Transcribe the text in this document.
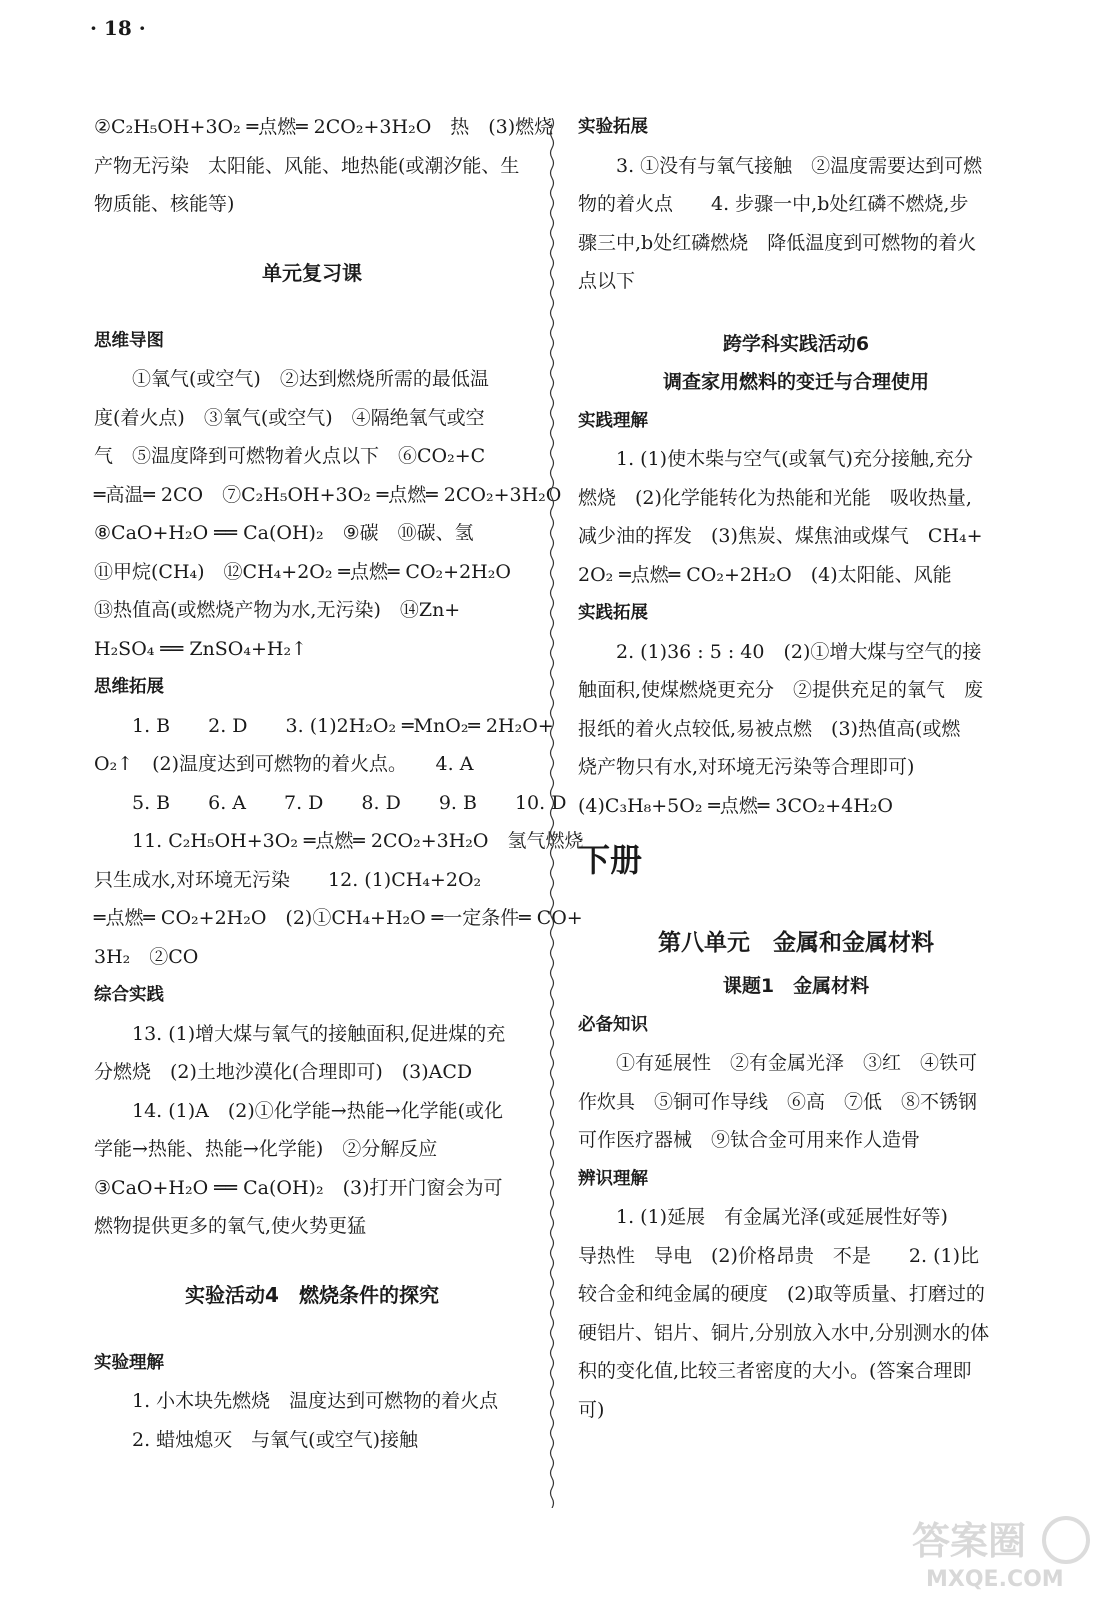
· 18 ·
②C₂H₅OH+3O₂ ═点燃═ 2CO₂+3H₂O　热　(3)燃烧
产物无污染　太阳能、风能、地热能(或潮汐能、生
物质能、核能等)
单元复习课
思维导图
①氧气(或空气)　②达到燃烧所需的最低温
度(着火点)　③氧气(或空气)　④隔绝氧气或空
气　⑤温度降到可燃物着火点以下　⑥CO₂+C
═高温═ 2CO　⑦C₂H₅OH+3O₂ ═点燃═ 2CO₂+3H₂O
⑧CaO+H₂O ══ Ca(OH)₂　⑨碳　⑩碳、氢
⑪甲烷(CH₄)　⑫CH₄+2O₂ ═点燃═ CO₂+2H₂O
⑬热值高(或燃烧产物为水,无污染)　⑭Zn+
H₂SO₄ ══ ZnSO₄+H₂↑
思维拓展
1. B　　2. D　　3. (1)2H₂O₂ ═MnO₂═ 2H₂O+
O₂↑　(2)温度达到可燃物的着火点。　　4. A
5. B　　6. A　　7. D　　8. D　　9. B　　10. D
11. C₂H₅OH+3O₂ ═点燃═ 2CO₂+3H₂O　氢气燃烧
只生成水,对环境无污染　　12. (1)CH₄+2O₂
═点燃═ CO₂+2H₂O　(2)①CH₄+H₂O ═一定条件═ CO+
3H₂　②CO
综合实践
13. (1)增大煤与氧气的接触面积,促进煤的充
分燃烧　(2)土地沙漠化(合理即可)　(3)ACD
14. (1)A　(2)①化学能→热能→化学能(或化
学能→热能、热能→化学能)　②分解反应
③CaO+H₂O ══ Ca(OH)₂　(3)打开门窗会为可
燃物提供更多的氧气,使火势更猛
实验活动4　燃烧条件的探究
实验理解
1. 小木块先燃烧　温度达到可燃物的着火点
2. 蜡烛熄灭　与氧气(或空气)接触
实验拓展
3. ①没有与氧气接触　②温度需要达到可燃
物的着火点　　4. 步骤一中,b处红磷不燃烧,步
骤三中,b处红磷燃烧　降低温度到可燃物的着火
点以下
跨学科实践活动6
调查家用燃料的变迁与合理使用
实践理解
1. (1)使木柴与空气(或氧气)充分接触,充分
燃烧　(2)化学能转化为热能和光能　吸收热量,
减少油的挥发　(3)焦炭、煤焦油或煤气　CH₄+
2O₂ ═点燃═ CO₂+2H₂O　(4)太阳能、风能
实践拓展
2. (1)36 : 5 : 40　(2)①增大煤与空气的接
触面积,使煤燃烧更充分　②提供充足的氧气　废
报纸的着火点较低,易被点燃　(3)热值高(或燃
烧产物只有水,对环境无污染等合理即可)
(4)C₃H₈+5O₂ ═点燃═ 3CO₂+4H₂O
下册
第八单元　金属和金属材料
课题1　金属材料
必备知识
①有延展性　②有金属光泽　③红　④铁可
作炊具　⑤铜可作导线　⑥高　⑦低　⑧不锈钢
可作医疗器械　⑨钛合金可用来作人造骨
辨识理解
1. (1)延展　有金属光泽(或延展性好等)
导热性　导电　(2)价格昂贵　不是　　2. (1)比
较合金和纯金属的硬度　(2)取等质量、打磨过的
硬铝片、铝片、铜片,分别放入水中,分别测水的体
积的变化值,比较三者密度的大小。(答案合理即
可)
答案圈
MXQE.COM
